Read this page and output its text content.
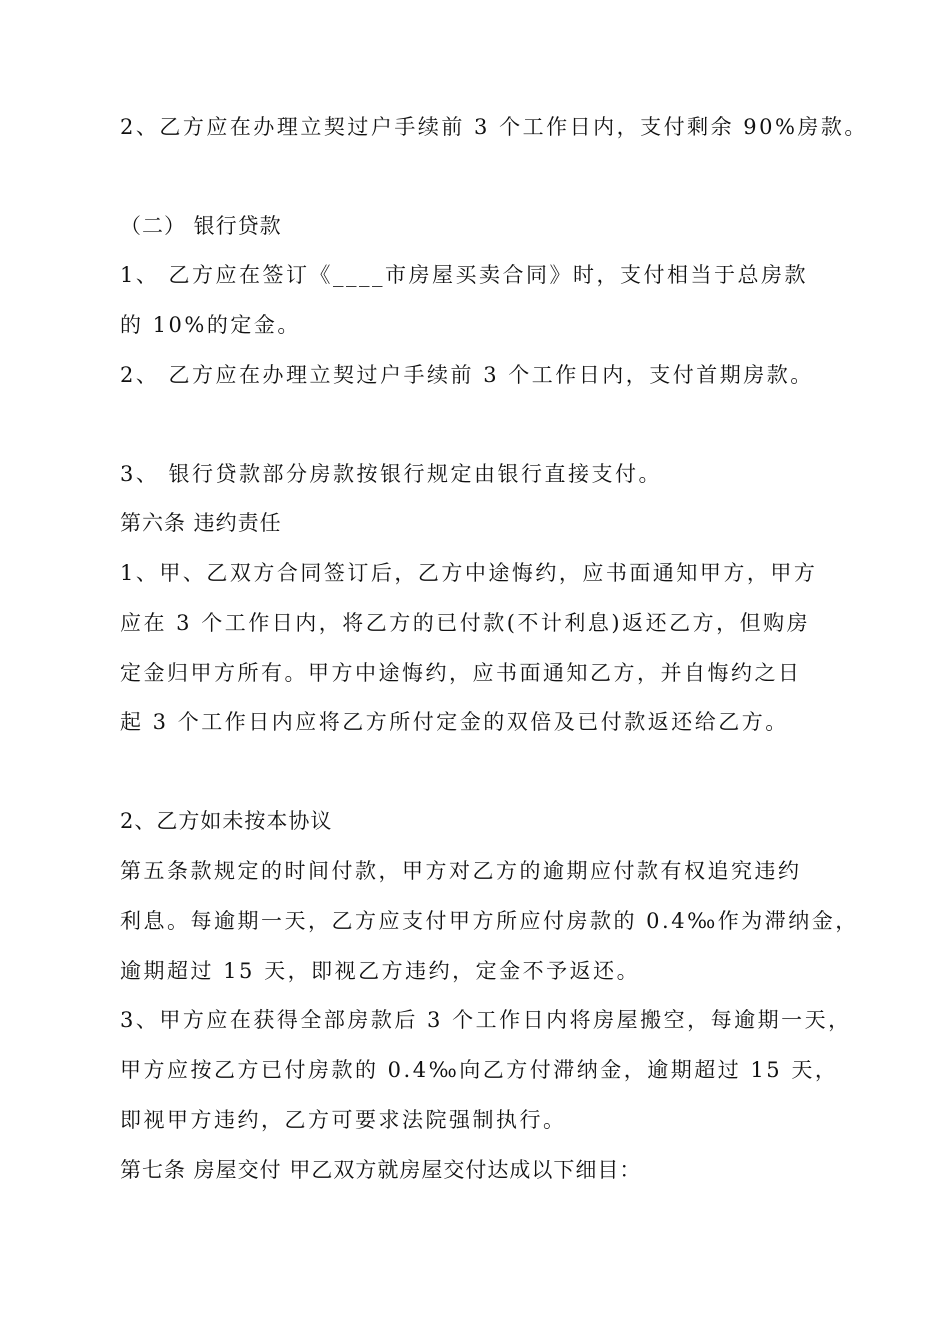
2、乙方应在办理立契过户手续前 3 个工作日内，支付剩余 90%房款。
（二） 银行贷款
1、 乙方应在签订《____市房屋买卖合同》时，支付相当于总房款
的 10%的定金。
2、 乙方应在办理立契过户手续前 3 个工作日内，支付首期房款。
3、 银行贷款部分房款按银行规定由银行直接支付。
第六条 违约责任
1、甲、乙双方合同签订后，乙方中途悔约，应书面通知甲方，甲方
应在 3 个工作日内，将乙方的已付款(不计利息)返还乙方，但购房
定金归甲方所有。甲方中途悔约，应书面通知乙方，并自悔约之日
起 3 个工作日内应将乙方所付定金的双倍及已付款返还给乙方。
2、乙方如未按本协议
第五条款规定的时间付款，甲方对乙方的逾期应付款有权追究违约
利息。每逾期一天，乙方应支付甲方所应付房款的 0.4‰作为滞纳金，
逾期超过 15 天，即视乙方违约，定金不予返还。
3、甲方应在获得全部房款后 3 个工作日内将房屋搬空，每逾期一天，
甲方应按乙方已付房款的 0.4‰向乙方付滞纳金，逾期超过 15 天，
即视甲方违约，乙方可要求法院强制执行。
第七条 房屋交付 甲乙双方就房屋交付达成以下细目：
